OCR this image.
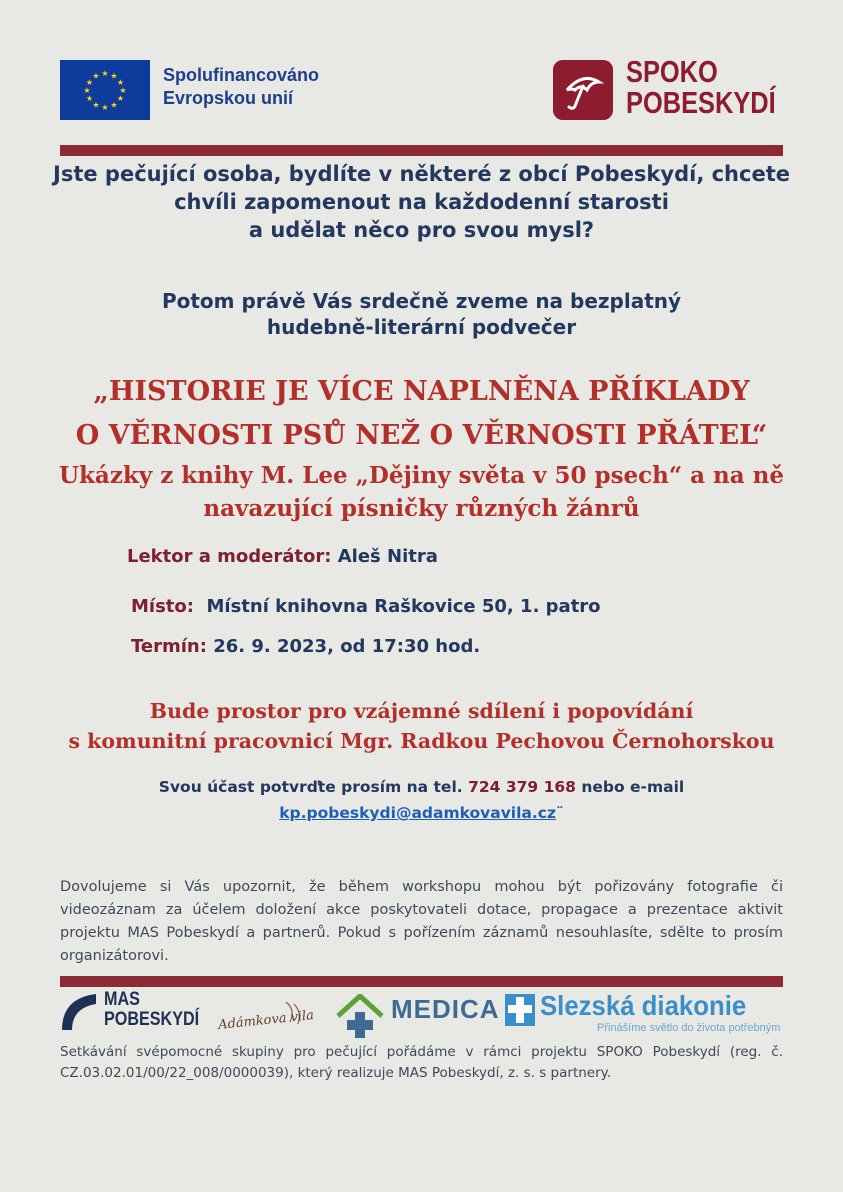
★ ★
★
★
★
★
★
★
★
★
★
★	Spolufinancováno
Evropskou unií
SPOKO
POBESKYDÍ
Jste pečující osoba, bydlíte v některé z obcí Pobeskydí, chcete
chvíli zapomenout na každodenní starosti
a udělat něco pro svou mysl?
Potom právě Vás srdečně zveme na bezplatný
hudebně-literární podvečer
„HISTORIE JE VÍCE NAPLNĚNA PŘÍKLADY
O VĚRNOSTI PSŮ NEŽ O VĚRNOSTI PŘÁTEL“
Ukázky z knihy M. Lee „Dějiny světa v 50 psech“ a na ně
navazující písničky různých žánrů
Lektor a moderátor: Aleš Nitra
Místo: Místní knihovna Raškovice 50, 1. patro
Termín: 26. 9. 2023, od 17:30 hod.
Bude prostor pro vzájemné sdílení i popovídání
s komunitní pracovnicí Mgr. Radkou Pechovou Černohorskou
Svou účast potvrďte prosím na tel. 724 379 168 nebo e-mail
kp.pobeskydi@adamkovavila.cz¨
Dovolujeme si Vás upozornit, že během workshopu mohou být pořizovány fotografie či videozáznam za účelem doložení akce poskytovateli dotace, propagace a prezentace aktivit projektu MAS Pobeskydí a partnerů. Pokud s pořízením záznamů nesouhlasíte, sdělte to prosím organizátorovi.
MAS
POBESKYDÍ Adámkova vila	MEDICA Slezská diakonie
Přinášíme světlo do života potřebným
Setkávání svépomocné skupiny pro pečující pořádáme v rámci projektu SPOKO Pobeskydí (reg. č. CZ.03.02.01/00/22_008/0000039), který realizuje MAS Pobeskydí, z. s. s partnery.
